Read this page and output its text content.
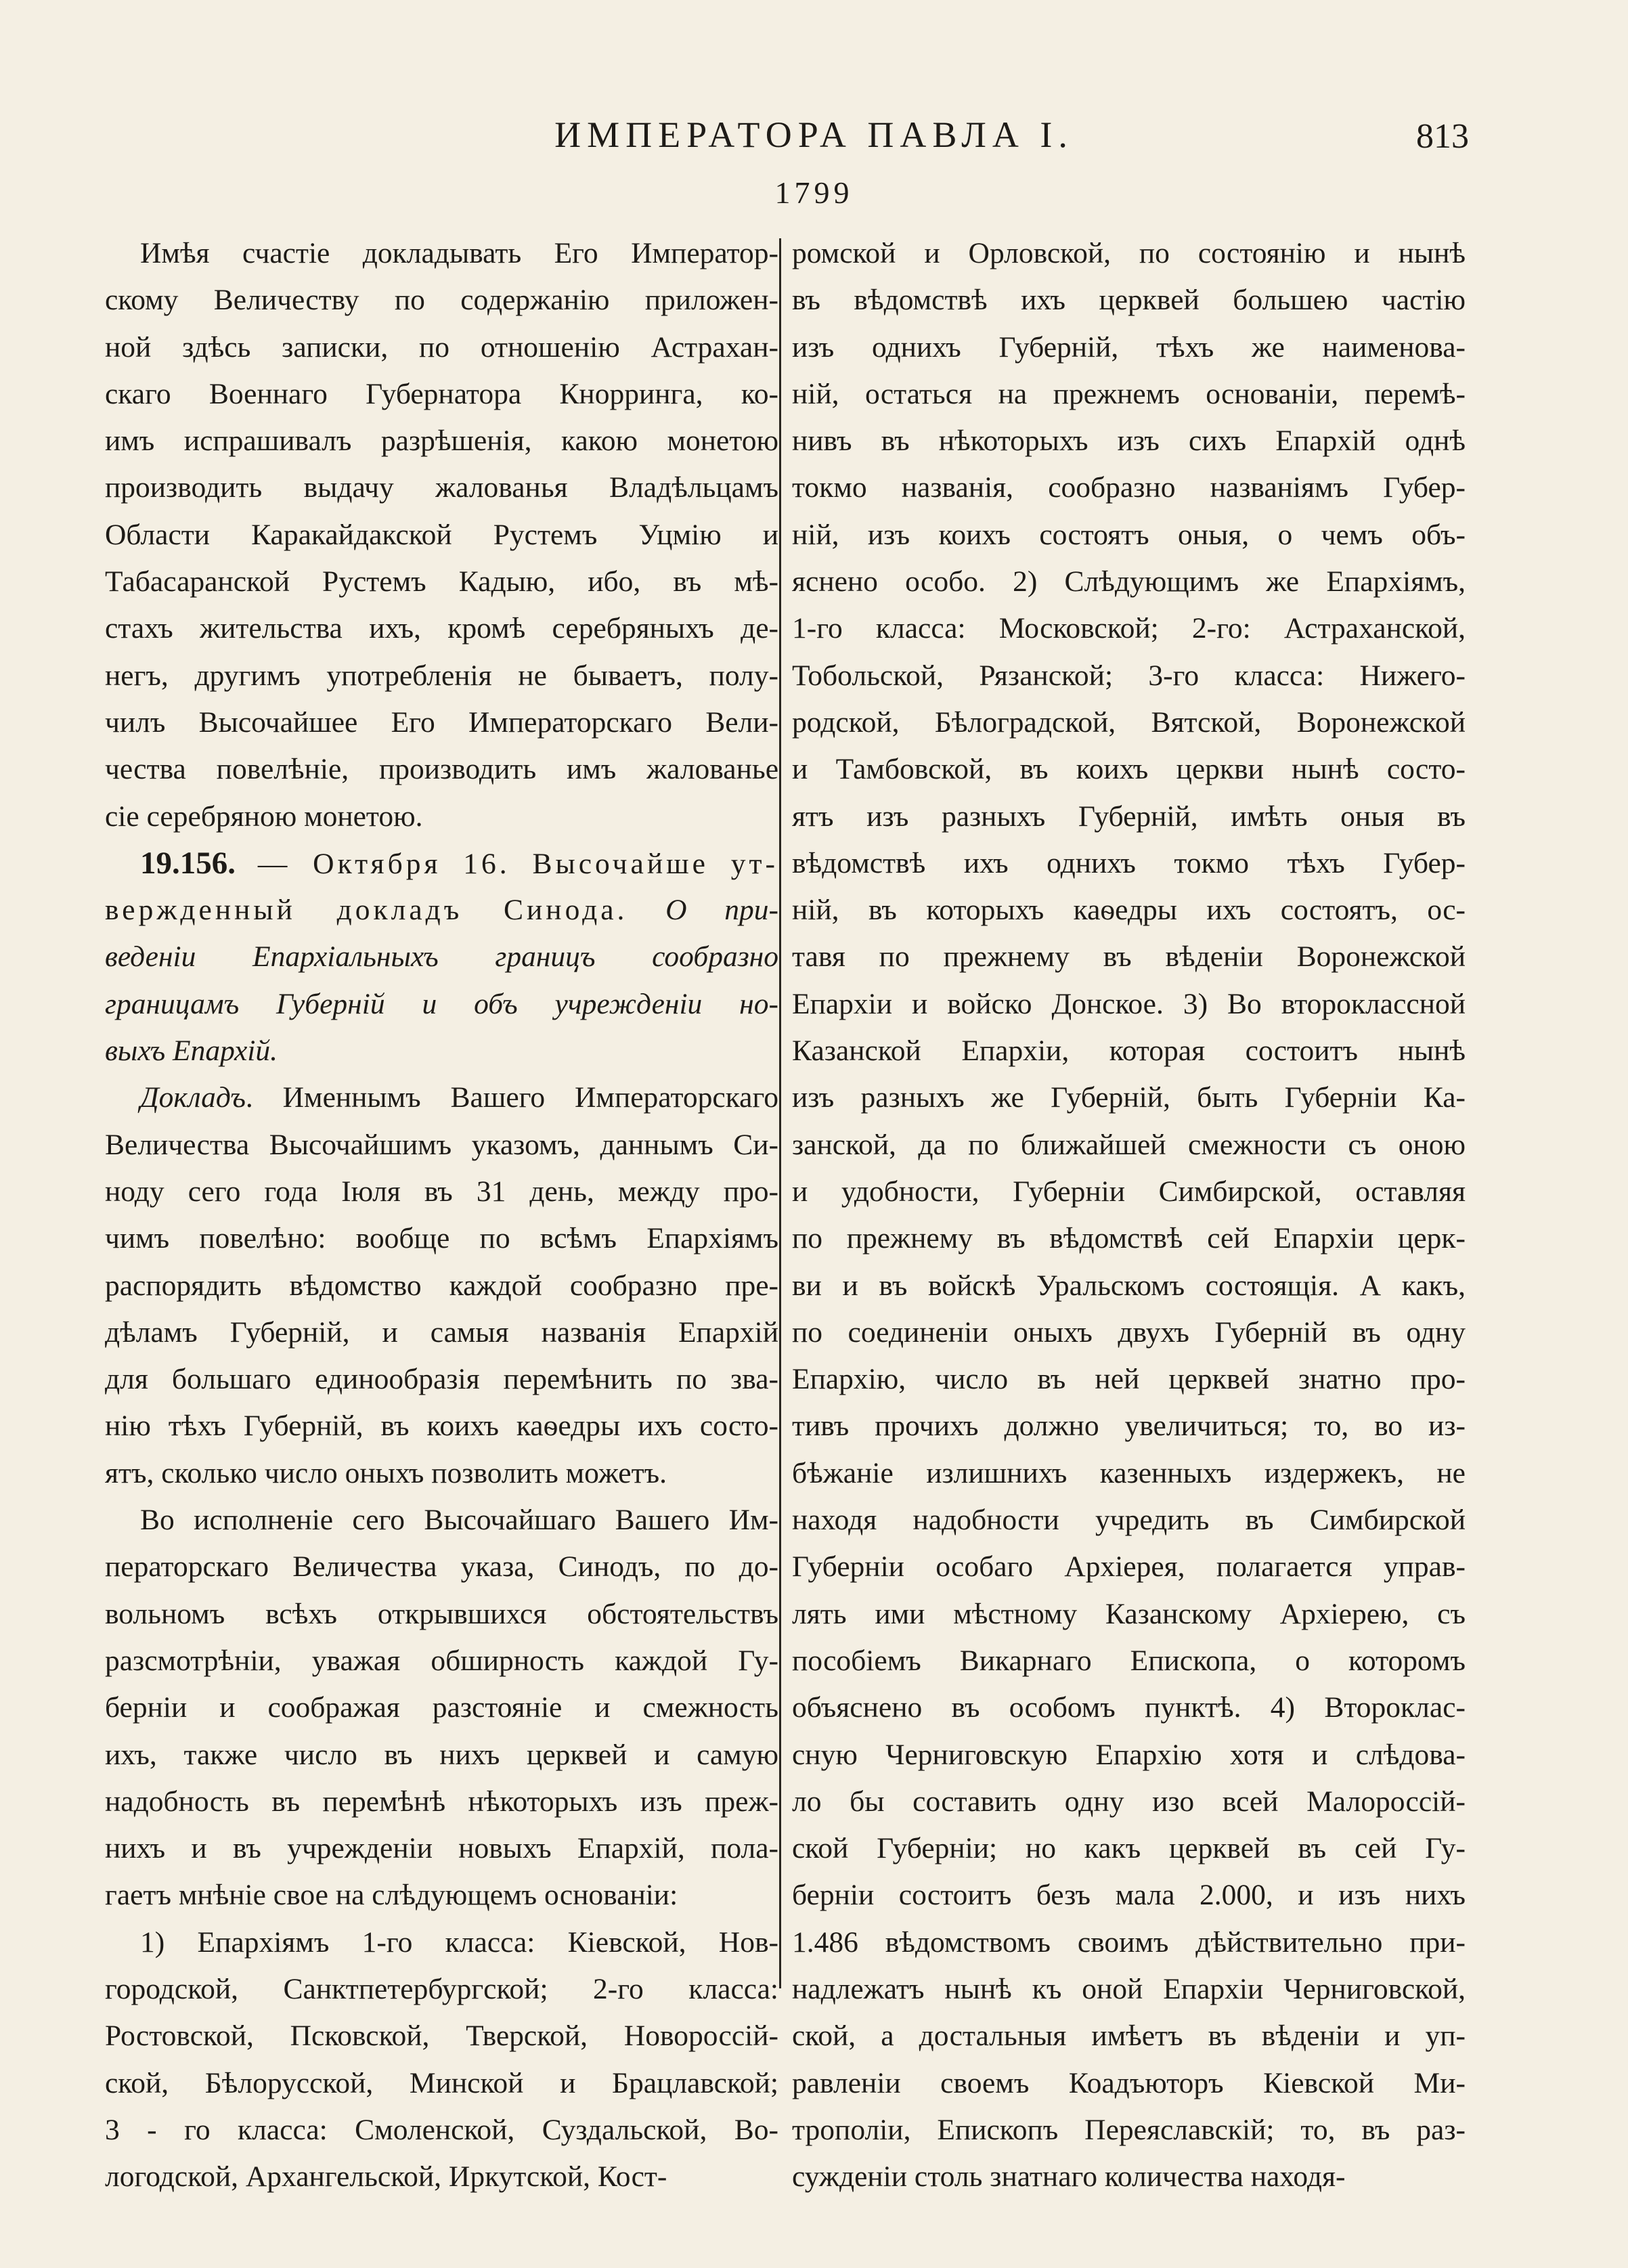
ИМПЕРАТОРА ПАВЛА I.	813
1799
Имѣя счастіе докладывать Его Император-
скому Величеству по содержанію приложен-
ной здѣсь записки, по отношенію Астрахан-
скаго Военнаго Губернатора Кнорринга, ко-
имъ испрашивалъ разрѣшенія, какою монетою
производить выдачу жалованья Владѣльцамъ
Области Каракайдакской Рустемъ Уцмію и
Табасаранской Рустемъ Кадыю, ибо, въ мѣ-
стахъ жительства ихъ, кромѣ серебряныхъ де-
негъ, другимъ употребленія не бываетъ, полу-
чилъ Высочайшее Его Императорскаго Вели-
чества повелѣніе, производить имъ жалованье
сіе серебряною монетою.
19.156. — Октября 16. Высочайше ут-
вержденный докладъ Синода. О при-
веденіи Епархіальныхъ границъ сообразно
границамъ Губерній и объ учрежденіи но-
выхъ Епархій.
Докладъ. Именнымъ Вашего Императорскаго
Величества Высочайшимъ указомъ, даннымъ Си-
ноду сего года Іюля въ 31 день, между про-
чимъ повелѣно: вообще по всѣмъ Епархіямъ
распорядить вѣдомство каждой сообразно пре-
дѣламъ Губерній, и самыя названія Епархій
для большаго единообразія перемѣнить по зва-
нію тѣхъ Губерній, въ коихъ каѳедры ихъ состо-
ятъ, сколько число оныхъ позволить можетъ.
Во исполненіе сего Высочайшаго Вашего Им-
ператорскаго Величества указа, Синодъ, по до-
вольномъ всѣхъ открывшихся обстоятельствъ
разсмотрѣніи, уважая обширность каждой Гу-
берніи и соображая разстояніе и смежность
ихъ, также число въ нихъ церквей и самую
надобность въ перемѣнѣ нѣкоторыхъ изъ преж-
нихъ и въ учрежденіи новыхъ Епархій, пола-
гаетъ мнѣніе свое на слѣдующемъ основаніи:
1) Епархіямъ 1-го класса: Кіевской, Нов-
городской, Санктпетербургской; 2-го класса:
Ростовской, Псковской, Тверской, Новороссій-
ской, Бѣлорусской, Минской и Брацлавской;
3 - го класса: Смоленской, Суздальской, Во-
логодской, Архангельской, Иркутской, Кост-
ромской и Орловской, по состоянію и нынѣ
въ вѣдомствѣ ихъ церквей большею частію
изъ однихъ Губерній, тѣхъ же наименова-
ній, остаться на прежнемъ основаніи, перемѣ-
нивъ въ нѣкоторыхъ изъ сихъ Епархій однѣ
токмо названія, сообразно названіямъ Губер-
ній, изъ коихъ состоятъ оныя, о чемъ объ-
яснено особо. 2) Слѣдующимъ же Епархіямъ,
1-го класса: Московской; 2-го: Астраханской,
Тобольской, Рязанской; 3-го класса: Нижего-
родской, Бѣлоградской, Вятской, Воронежской
и Тамбовской, въ коихъ церкви нынѣ состо-
ятъ изъ разныхъ Губерній, имѣть оныя въ
вѣдомствѣ ихъ однихъ токмо тѣхъ Губер-
ній, въ которыхъ каѳедры ихъ состоятъ, ос-
тавя по прежнему въ вѣденіи Воронежской
Епархіи и войско Донское. 3) Во второклассной
Казанской Епархіи, которая состоитъ нынѣ
изъ разныхъ же Губерній, быть Губерніи Ка-
занской, да по ближайшей смежности съ оною
и удобности, Губерніи Симбирской, оставляя
по прежнему въ вѣдомствѣ сей Епархіи церк-
ви и въ войскѣ Уральскомъ состоящія. А какъ,
по соединеніи оныхъ двухъ Губерній въ одну
Епархію, число въ ней церквей знатно про-
тивъ прочихъ должно увеличиться; то, во из-
бѣжаніе излишнихъ казенныхъ издержекъ, не
находя надобности учредить въ Симбирской
Губерніи особаго Архіерея, полагается управ-
лять ими мѣстному Казанскому Архіерею, съ
пособіемъ Викарнаго Епископа, о которомъ
объяснено въ особомъ пунктѣ. 4) Второклас-
сную Черниговскую Епархію хотя и слѣдова-
ло бы составить одну изо всей Малороссій-
ской Губерніи; но какъ церквей въ сей Гу-
берніи состоитъ безъ мала 2.000, и изъ нихъ
1.486 вѣдомствомъ своимъ дѣйствительно при-
надлежатъ нынѣ къ оной Епархіи Черниговской,
ской, а достальныя имѣетъ въ вѣденіи и уп-
равленіи своемъ Коадъюторъ Кіевской Ми-
трополіи, Епископъ Переяславскій; то, въ раз-
сужденіи столь знатнаго количества находя-
